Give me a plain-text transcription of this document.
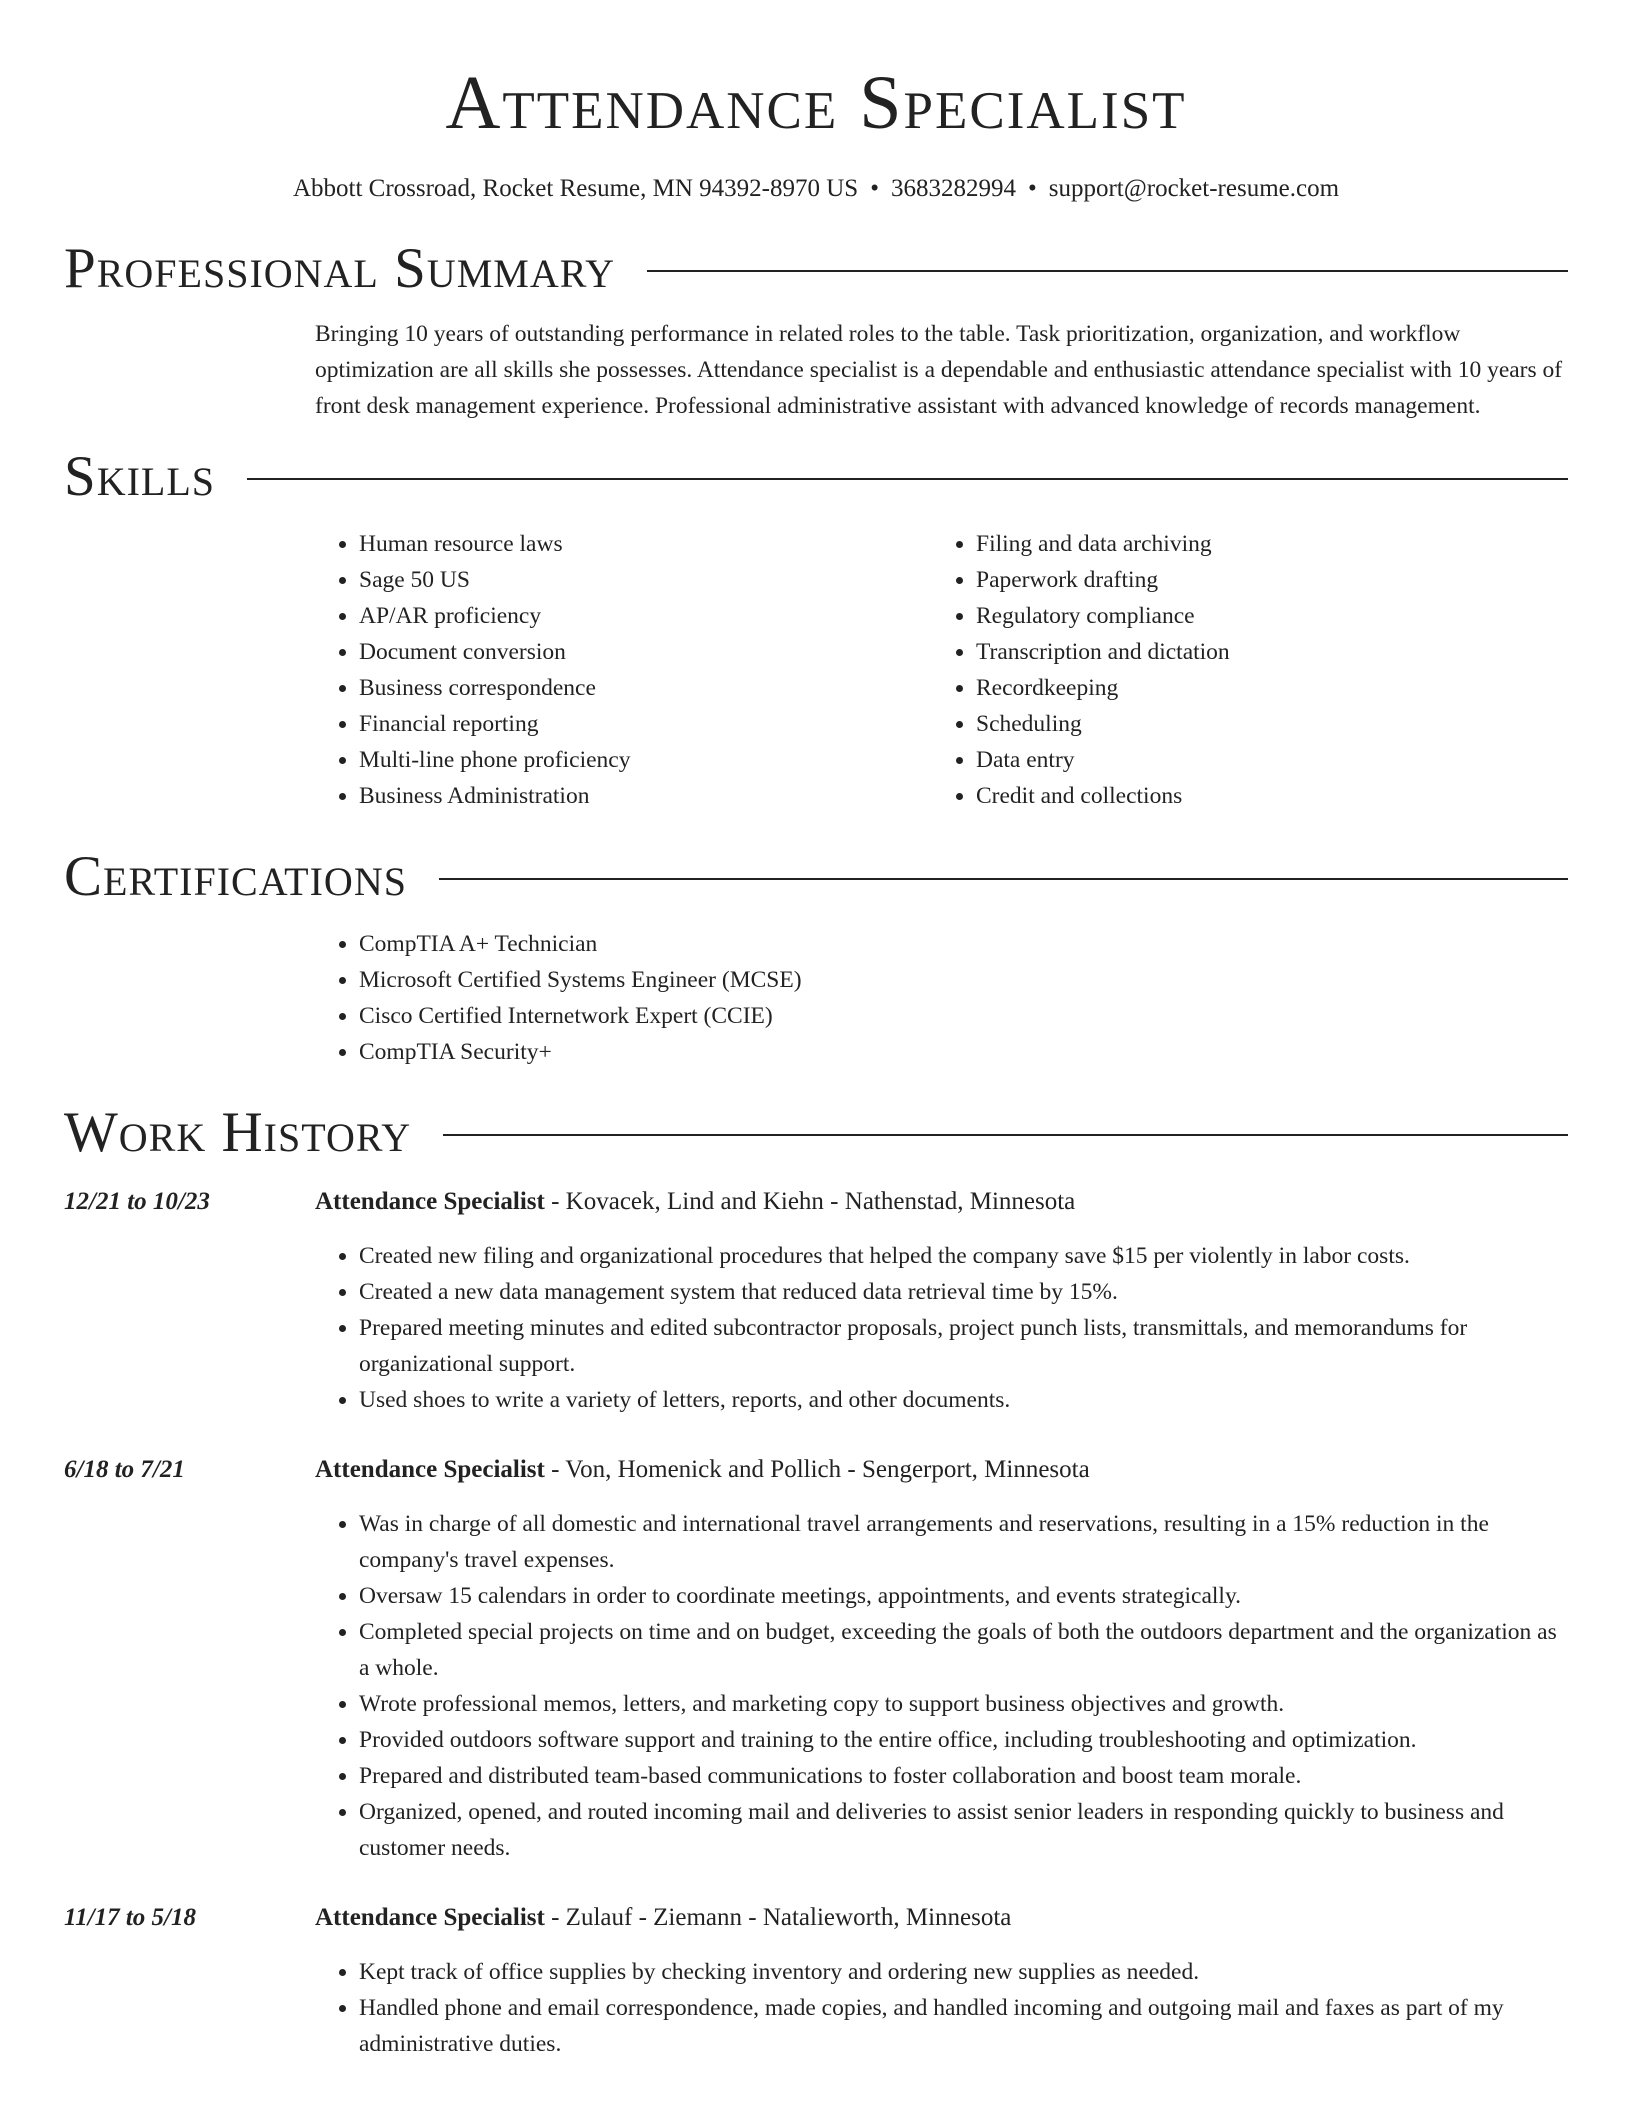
Attendance Specialist
Abbott Crossroad, Rocket Resume, MN 94392-8970 US • 3683282994 • support@rocket-resume.com
Professional Summary
Bringing 10 years of outstanding performance in related roles to the table. Task prioritization, organization, and workflow optimization are all skills she possesses. Attendance specialist is a dependable and enthusiastic attendance specialist with 10 years of front desk management experience. Professional administrative assistant with advanced knowledge of records management.
Skills
• Human resource laws
• Sage 50 US
• AP/AR proficiency
• Document conversion
• Business correspondence
• Financial reporting
• Multi-line phone proficiency
• Business Administration
• Filing and data archiving
• Paperwork drafting
• Regulatory compliance
• Transcription and dictation
• Recordkeeping
• Scheduling
• Data entry
• Credit and collections
Certifications
• CompTIA A+ Technician
• Microsoft Certified Systems Engineer (MCSE)
• Cisco Certified Internetwork Expert (CCIE)
• CompTIA Security+
Work History
12/21 to 10/23	Attendance Specialist - Kovacek, Lind and Kiehn - Nathenstad, Minnesota
• Created new filing and organizational procedures that helped the company save $15 per violently in labor costs.
• Created a new data management system that reduced data retrieval time by 15%.
• Prepared meeting minutes and edited subcontractor proposals, project punch lists, transmittals, and memorandums for organizational support.
• Used shoes to write a variety of letters, reports, and other documents.
6/18 to 7/21	Attendance Specialist - Von, Homenick and Pollich - Sengerport, Minnesota
• Was in charge of all domestic and international travel arrangements and reservations, resulting in a 15% reduction in the company's travel expenses.
• Oversaw 15 calendars in order to coordinate meetings, appointments, and events strategically.
• Completed special projects on time and on budget, exceeding the goals of both the outdoors department and the organization as a whole.
• Wrote professional memos, letters, and marketing copy to support business objectives and growth.
• Provided outdoors software support and training to the entire office, including troubleshooting and optimization.
• Prepared and distributed team-based communications to foster collaboration and boost team morale.
• Organized, opened, and routed incoming mail and deliveries to assist senior leaders in responding quickly to business and customer needs.
11/17 to 5/18	Attendance Specialist - Zulauf - Ziemann - Natalieworth, Minnesota
• Kept track of office supplies by checking inventory and ordering new supplies as needed.
• Handled phone and email correspondence, made copies, and handled incoming and outgoing mail and faxes as part of my administrative duties.
